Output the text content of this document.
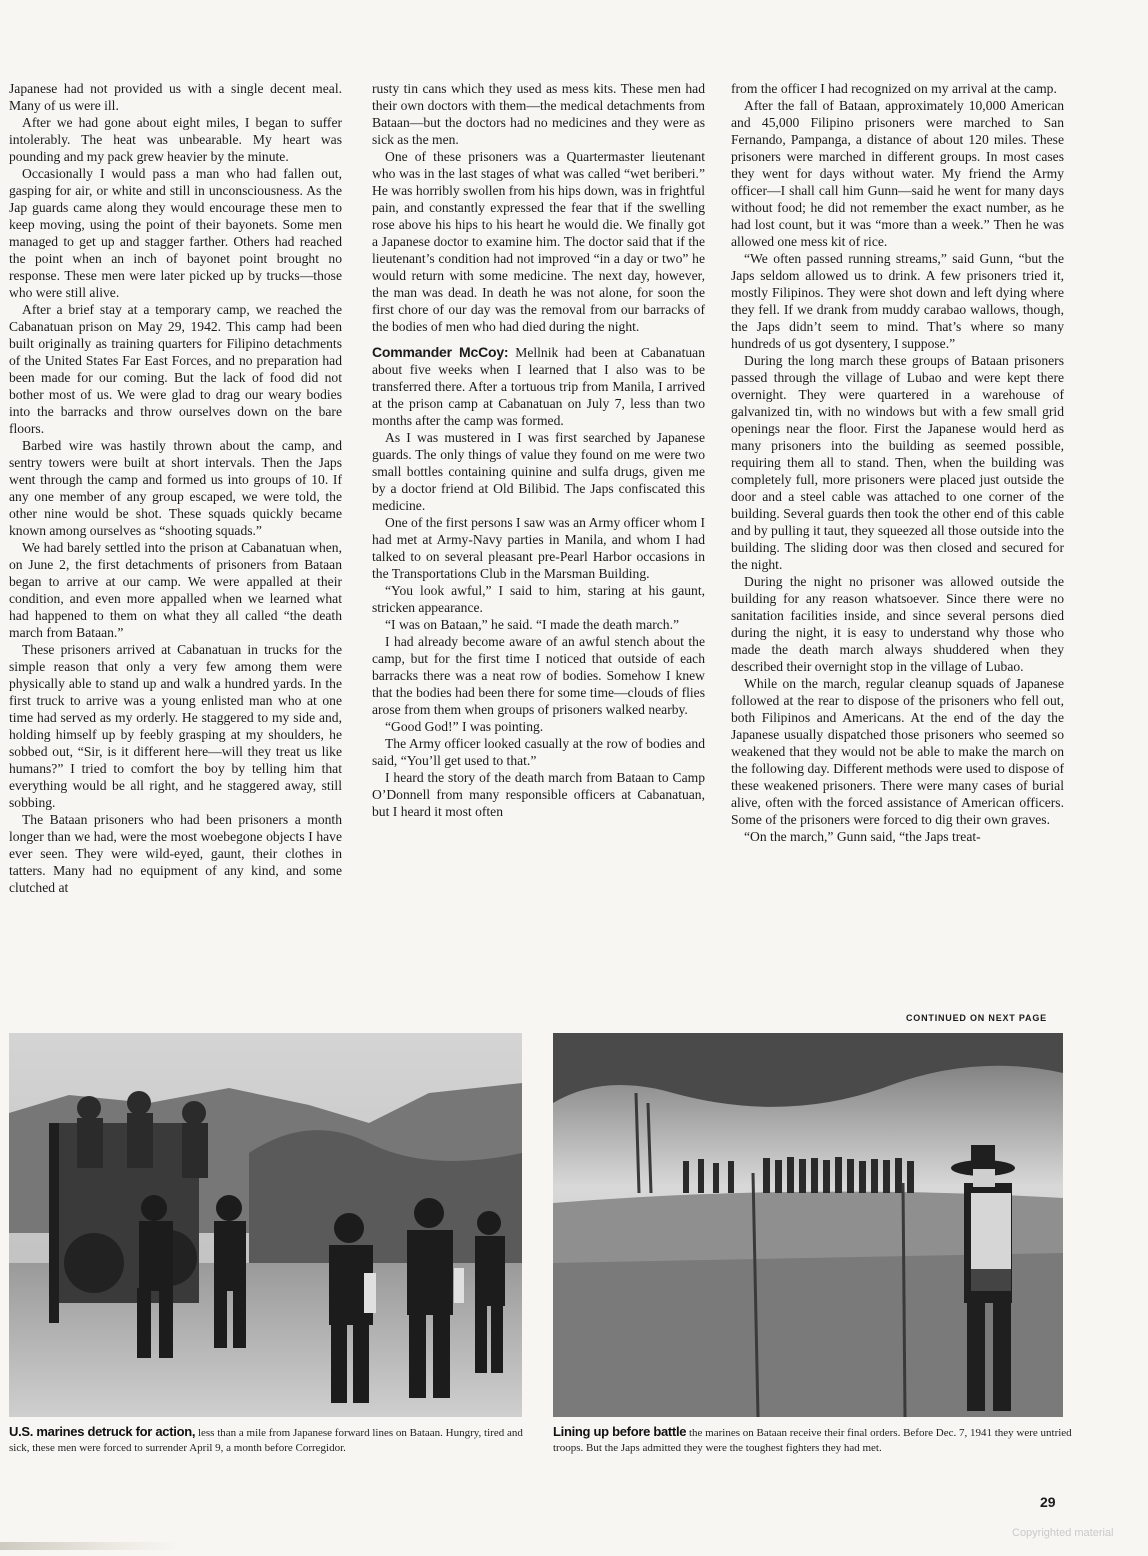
Japanese had not provided us with a single decent meal. Many of us were ill.

After we had gone about eight miles, I began to suffer intolerably. The heat was unbearable. My heart was pounding and my pack grew heavier by the minute.

Occasionally I would pass a man who had fallen out, gasping for air, or white and still in unconsciousness. As the Jap guards came along they would encourage these men to keep moving, using the point of their bayonets. Some men managed to get up and stagger farther. Others had reached the point when an inch of bayonet point brought no response. These men were later picked up by trucks—those who were still alive.

After a brief stay at a temporary camp, we reached the Cabanatuan prison on May 29, 1942. This camp had been built originally as training quarters for Filipino detachments of the United States Far East Forces, and no preparation had been made for our coming. But the lack of food did not bother most of us. We were glad to drag our weary bodies into the barracks and throw ourselves down on the bare floors.

Barbed wire was hastily thrown about the camp, and sentry towers were built at short intervals. Then the Japs went through the camp and formed us into groups of 10. If any one member of any group escaped, we were told, the other nine would be shot. These squads quickly became known among ourselves as “shooting squads.”

We had barely settled into the prison at Cabanatuan when, on June 2, the first detachments of prisoners from Bataan began to arrive at our camp. We were appalled at their condition, and even more appalled when we learned what had happened to them on what they all called “the death march from Bataan.”

These prisoners arrived at Cabanatuan in trucks for the simple reason that only a very few among them were physically able to stand up and walk a hundred yards. In the first truck to arrive was a young enlisted man who at one time had served as my orderly. He staggered to my side and, holding himself up by feebly grasping at my shoulders, he sobbed out, “Sir, is it different here—will they treat us like humans?” I tried to comfort the boy by telling him that everything would be all right, and he staggered away, still sobbing.

The Bataan prisoners who had been prisoners a month longer than we had, were the most woebegone objects I have ever seen. They were wild-eyed, gaunt, their clothes in tatters. Many had no equipment of any kind, and some clutched at

rusty tin cans which they used as mess kits. These men had their own doctors with them—the medical detachments from Bataan—but the doctors had no medicines and they were as sick as the men.

One of these prisoners was a Quartermaster lieutenant who was in the last stages of what was called “wet beriberi.” He was horribly swollen from his hips down, was in frightful pain, and constantly expressed the fear that if the swelling rose above his hips to his heart he would die. We finally got a Japanese doctor to examine him. The doctor said that if the lieutenant’s condition had not improved “in a day or two” he would return with some medicine. The next day, however, the man was dead. In death he was not alone, for soon the first chore of our day was the removal from our barracks of the bodies of men who had died during the night.

Commander McCoy: Mellnik had been at Cabanatuan about five weeks when I learned that I also was to be transferred there. After a tortuous trip from Manila, I arrived at the prison camp at Cabanatuan on July 7, less than two months after the camp was formed.

As I was mustered in I was first searched by Japanese guards. The only things of value they found on me were two small bottles containing quinine and sulfa drugs, given me by a doctor friend at Old Bilibid. The Japs confiscated this medicine.

One of the first persons I saw was an Army officer whom I had met at Army-Navy parties in Manila, and whom I had talked to on several pleasant pre-Pearl Harbor occasions in the Transportations Club in the Marsman Building.

“You look awful,” I said to him, staring at his gaunt, stricken appearance.

“I was on Bataan,” he said. “I made the death march.”

I had already become aware of an awful stench about the camp, but for the first time I noticed that outside of each barracks there was a neat row of bodies. Somehow I knew that the bodies had been there for some time—clouds of flies arose from them when groups of prisoners walked nearby.

“Good God!” I was pointing.

The Army officer looked casually at the row of bodies and said, “You’ll get used to that.”

I heard the story of the death march from Bataan to Camp O’Donnell from many responsible officers at Cabanatuan, but I heard it most often

from the officer I had recognized on my arrival at the camp.

After the fall of Bataan, approximately 10,000 American and 45,000 Filipino prisoners were marched to San Fernando, Pampanga, a distance of about 120 miles. These prisoners were marched in different groups. In most cases they went for days without water. My friend the Army officer—I shall call him Gunn—said he went for many days without food; he did not remember the exact number, as he had lost count, but it was “more than a week.” Then he was allowed one mess kit of rice.

“We often passed running streams,” said Gunn, “but the Japs seldom allowed us to drink. A few prisoners tried it, mostly Filipinos. They were shot down and left dying where they fell. If we drank from muddy carabao wallows, though, the Japs didn’t seem to mind. That’s where so many hundreds of us got dysentery, I suppose.”

During the long march these groups of Bataan prisoners passed through the village of Lubao and were kept there overnight. They were quartered in a warehouse of galvanized tin, with no windows but with a few small grid openings near the floor. First the Japanese would herd as many prisoners into the building as seemed possible, requiring them all to stand. Then, when the building was completely full, more prisoners were placed just outside the door and a steel cable was attached to one corner of the building. Several guards then took the other end of this cable and by pulling it taut, they squeezed all those outside into the building. The sliding door was then closed and secured for the night.

During the night no prisoner was allowed outside the building for any reason whatsoever. Since there were no sanitation facilities inside, and since several persons died during the night, it is easy to understand why those who made the death march always shuddered when they described their overnight stop in the village of Lubao.

While on the march, regular cleanup squads of Japanese followed at the rear to dispose of the prisoners who fell out, both Filipinos and Americans. At the end of the day the Japanese usually dispatched those prisoners who seemed so weakened that they would not be able to make the march on the following day. Different methods were used to dispose of these weakened prisoners. There were many cases of burial alive, often with the forced assistance of American officers. Some of the prisoners were forced to dig their own graves.

“On the march,” Gunn said, “the Japs treat-

CONTINUED ON NEXT PAGE
U.S. marines detruck for action, less than a mile from Japanese forward lines on Bataan. Hungry, tired and sick, these men were forced to surrender April 9, a month before Corregidor.
Lining up before battle the marines on Bataan receive their final orders. Before Dec. 7, 1941 they were untried troops. But the Japs admitted they were the toughest fighters they had met.
29
Copyrighted material
